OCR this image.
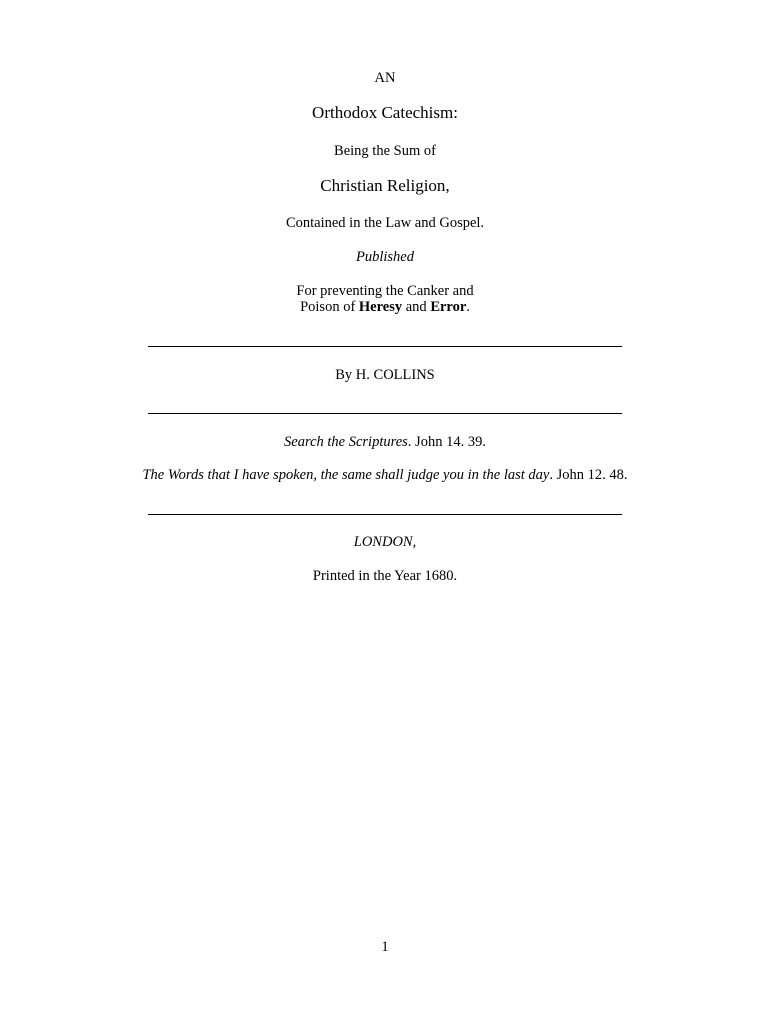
AN
Orthodox Catechism:
Being the Sum of
Christian Religion,
Contained in the Law and Gospel.
Published
For preventing the Canker and
Poison of Heresy and Error.
By H. COLLINS
Search the Scriptures. John 14. 39.
The Words that I have spoken, the same shall judge you in the last day. John 12. 48.
LONDON,
Printed in the Year 1680.
1
